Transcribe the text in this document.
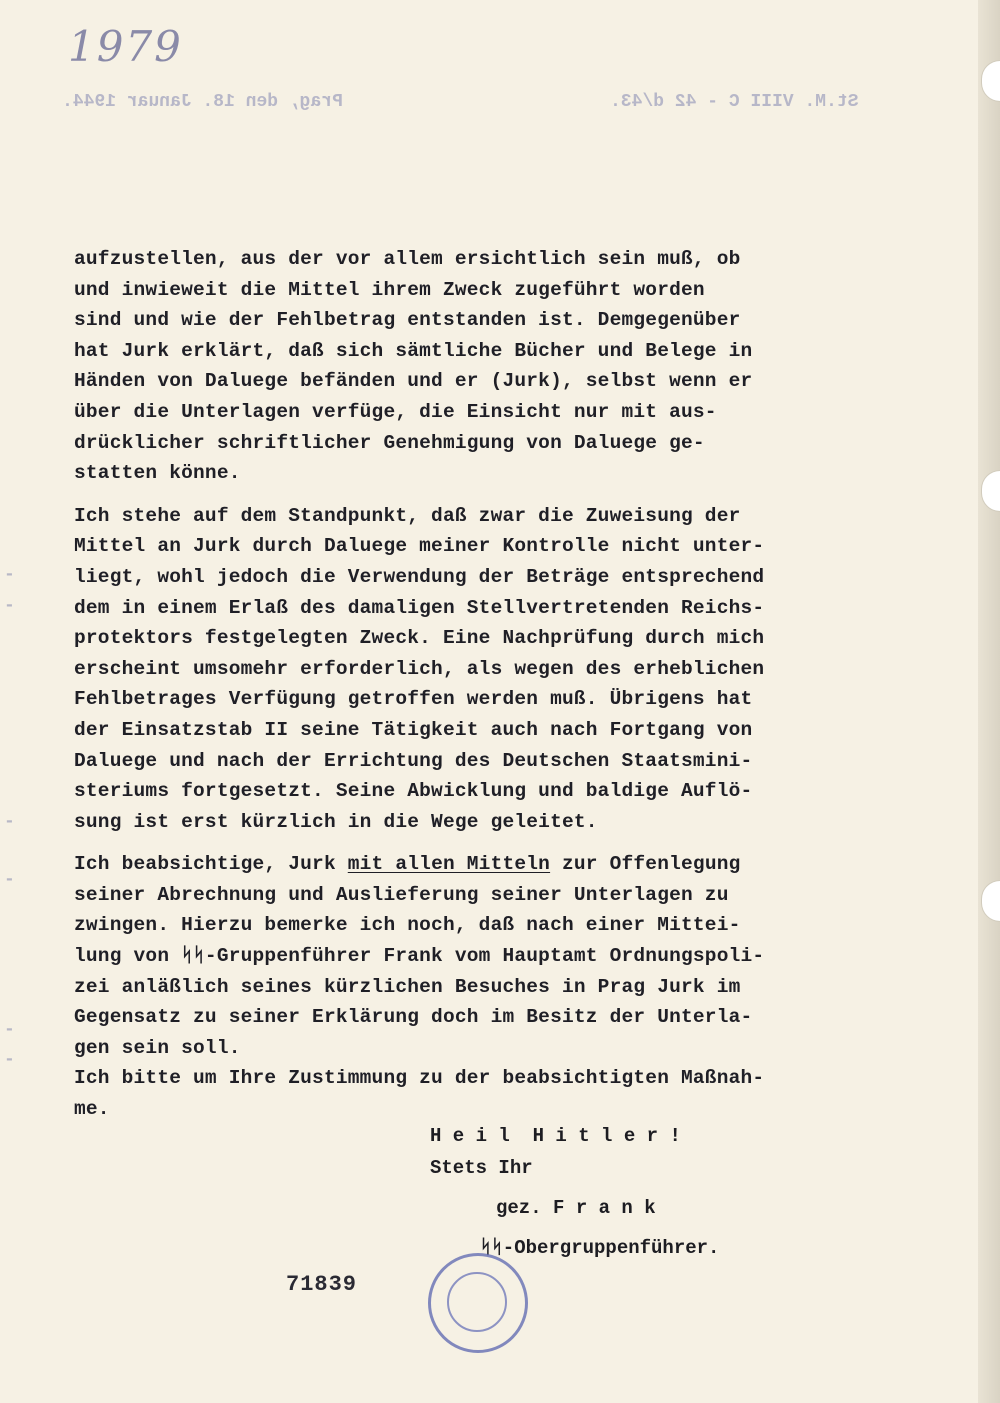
1979
St.M. VIII C - 42 d/43.
Prag, den 18. Januar 1944.
-
-
-
-
-
-
aufzustellen, aus der vor allem ersichtlich sein muß, ob
und inwieweit die Mittel ihrem Zweck zugeführt worden
sind und wie der Fehlbetrag entstanden ist. Demgegenüber
hat Jurk erklärt, daß sich sämtliche Bücher und Belege in
Händen von Daluege befänden und er (Jurk), selbst wenn er
über die Unterlagen verfüge, die Einsicht nur mit aus-
drücklicher schriftlicher Genehmigung von Daluege ge-
statten könne.
Ich stehe auf dem Standpunkt, daß zwar die Zuweisung der
Mittel an Jurk durch Daluege meiner Kontrolle nicht unter-
liegt, wohl jedoch die Verwendung der Beträge entsprechend
dem in einem Erlaß des damaligen Stellvertretenden Reichs-
protektors festgelegten Zweck. Eine Nachprüfung durch mich
erscheint umsomehr erforderlich, als wegen des erheblichen
Fehlbetrages Verfügung getroffen werden muß. Übrigens hat
der Einsatzstab II seine Tätigkeit auch nach Fortgang von
Daluege und nach der Errichtung des Deutschen Staatsmini-
steriums fortgesetzt. Seine Abwicklung und baldige Auflö-
sung ist erst kürzlich in die Wege geleitet.
Ich beabsichtige, Jurk mit allen Mitteln zur Offenlegung
seiner Abrechnung und Auslieferung seiner Unterlagen zu
zwingen. Hierzu bemerke ich noch, daß nach einer Mittei-
lung von ᛋᛋ-Gruppenführer Frank vom Hauptamt Ordnungspoli-
zei anläßlich seines kürzlichen Besuches in Prag Jurk im
Gegensatz zu seiner Erklärung doch im Besitz der Unterla-
gen sein soll.
Ich bitte um Ihre Zustimmung zu der beabsichtigten Maßnah-
me.
H e i l  H i t l e r !
Stets Ihr
gez. F r a n k
ᛋᛋ-Obergruppenführer.
71839
